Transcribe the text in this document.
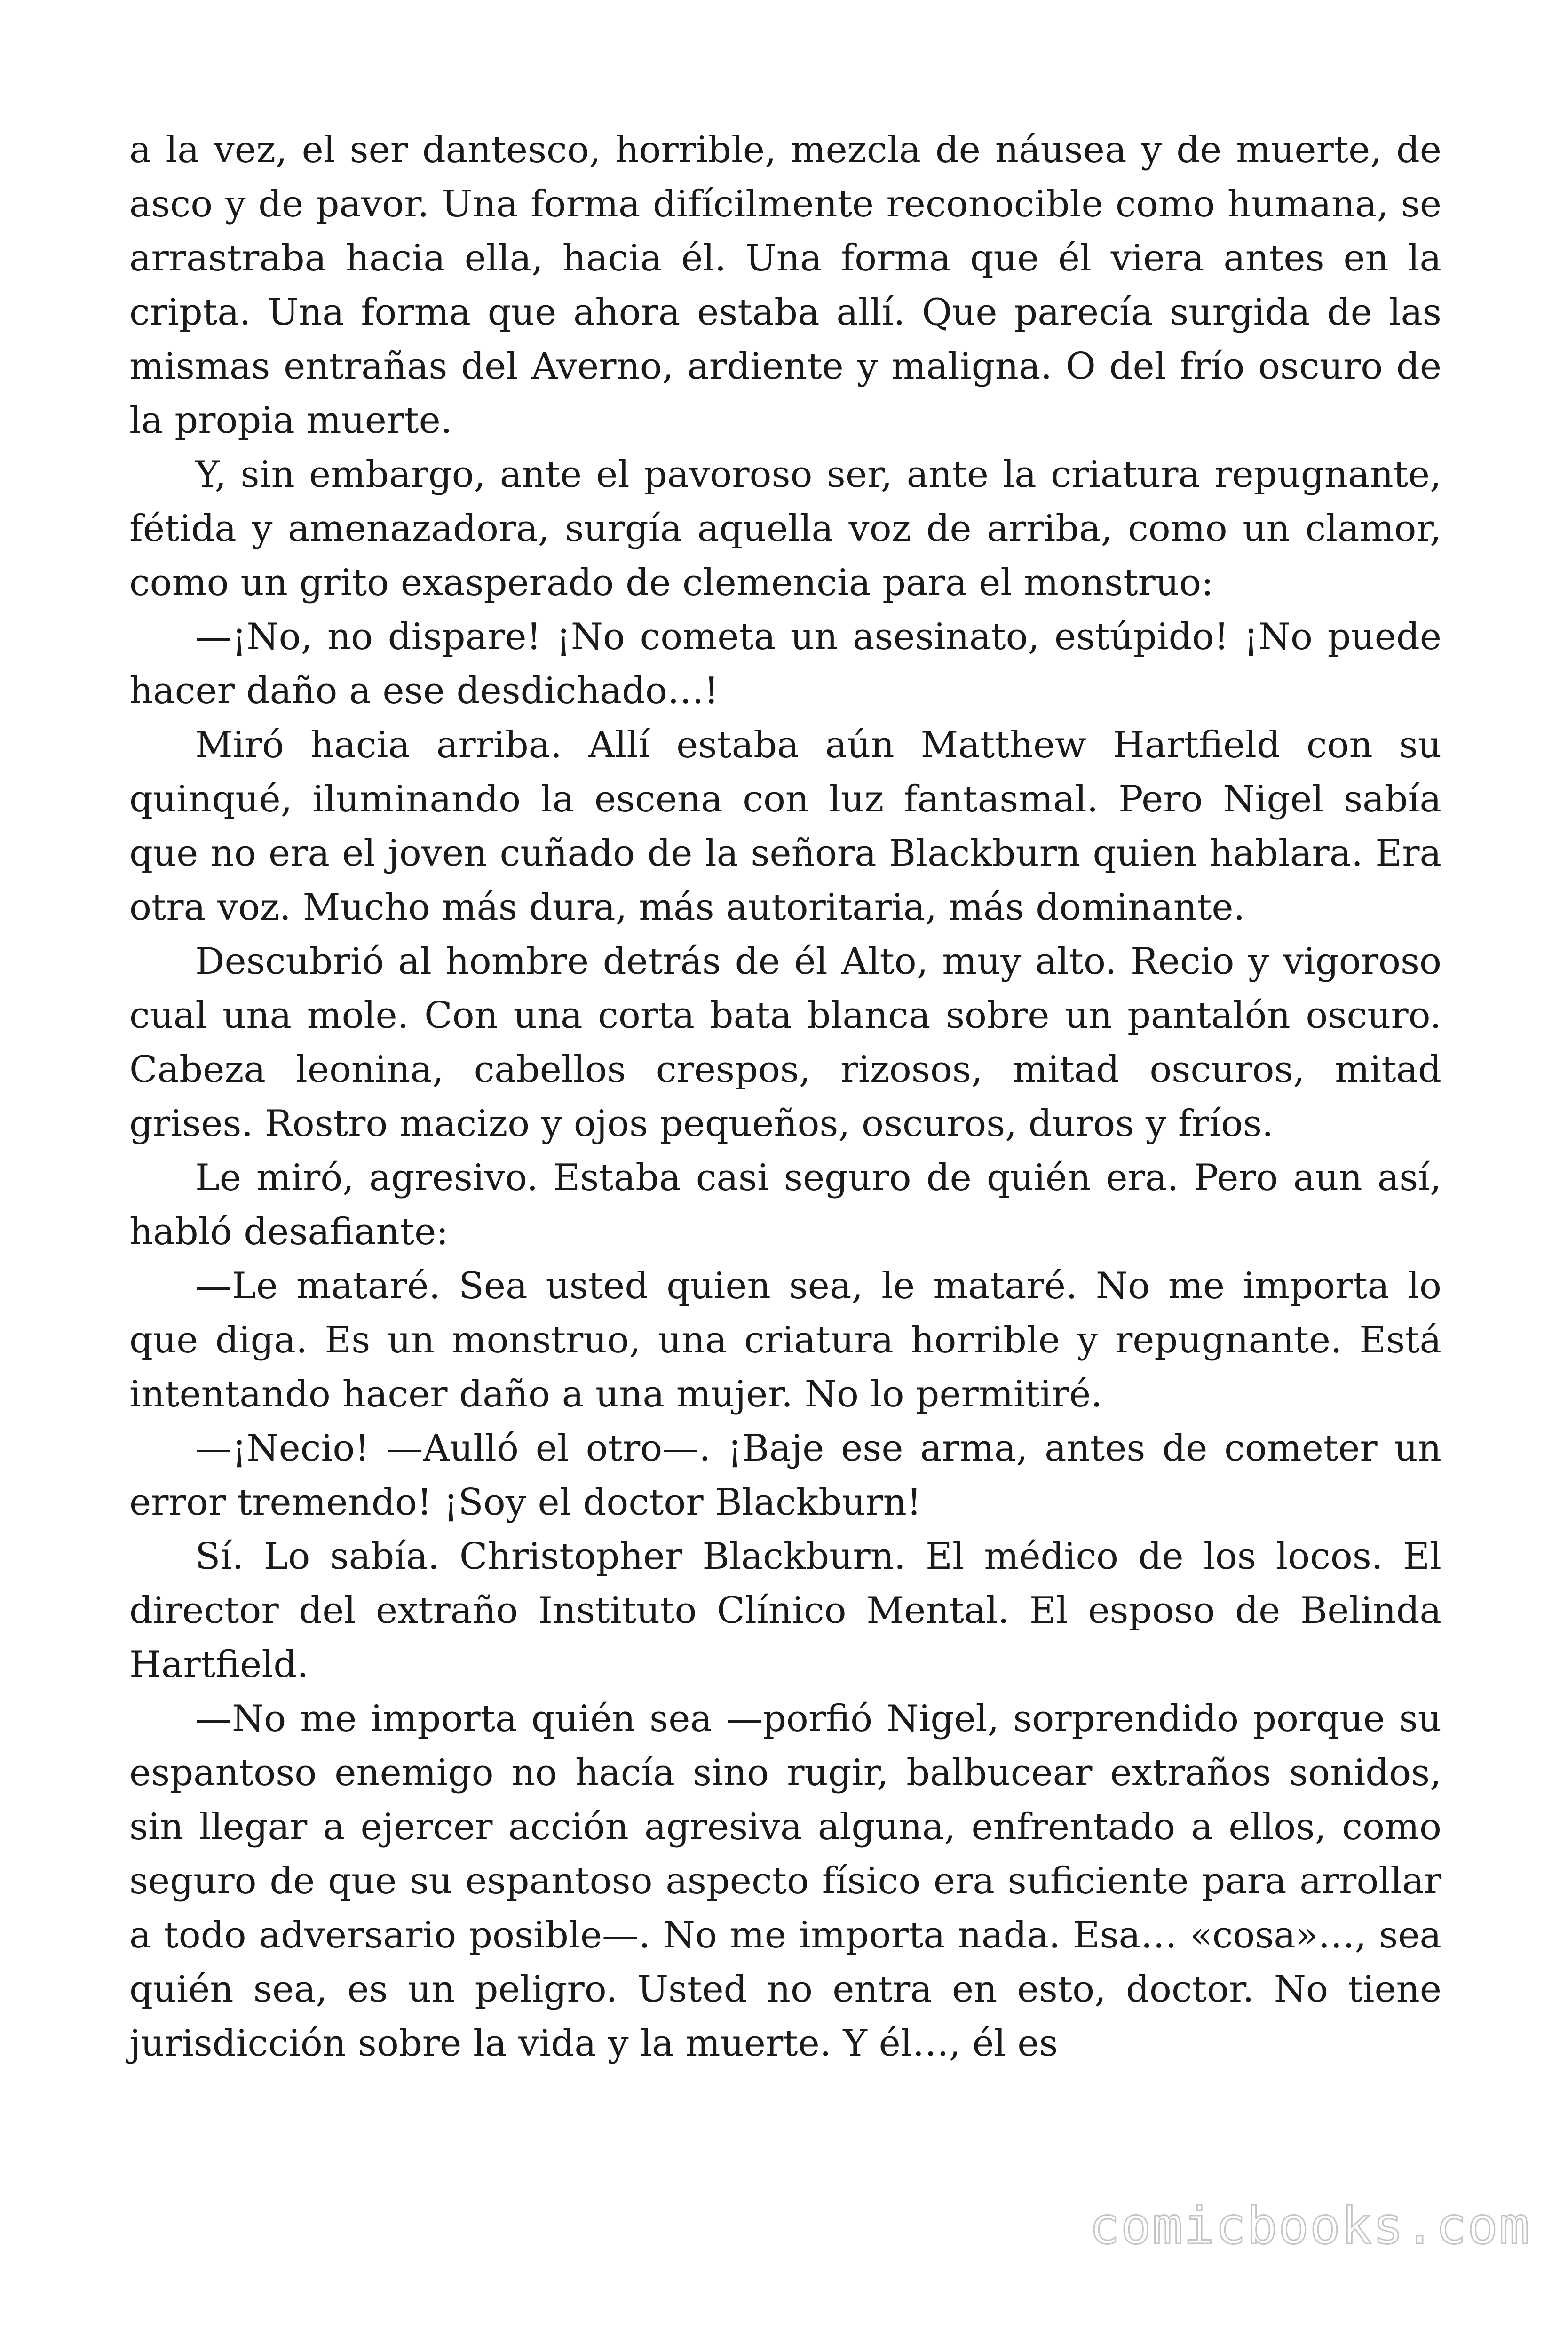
a la vez, el ser dantesco, horrible, mezcla de náusea y de muerte, de asco y de pavor. Una forma difícilmente reconocible como humana, se arrastraba hacia ella, hacia él. Una forma que él viera antes en la cripta. Una forma que ahora estaba allí. Que parecía surgida de las mismas entrañas del Averno, ardiente y maligna. O del frío oscuro de la propia muerte.

Y, sin embargo, ante el pavoroso ser, ante la criatura repugnante, fétida y amenazadora, surgía aquella voz de arriba, como un clamor, como un grito exasperado de clemencia para el monstruo:

—¡No, no dispare! ¡No cometa un asesinato, estúpido! ¡No puede hacer daño a ese desdichado…!

Miró hacia arriba. Allí estaba aún Matthew Hartfield con su quinqué, iluminando la escena con luz fantasmal. Pero Nigel sabía que no era el joven cuñado de la señora Blackburn quien hablara. Era otra voz. Mucho más dura, más autoritaria, más dominante.

Descubrió al hombre detrás de él Alto, muy alto. Recio y vigoroso cual una mole. Con una corta bata blanca sobre un pantalón oscuro. Cabeza leonina, cabellos crespos, rizosos, mitad oscuros, mitad grises. Rostro macizo y ojos pequeños, oscuros, duros y fríos.

Le miró, agresivo. Estaba casi seguro de quién era. Pero aun así, habló desafiante:

—Le mataré. Sea usted quien sea, le mataré. No me importa lo que diga. Es un monstruo, una criatura horrible y repugnante. Está intentando hacer daño a una mujer. No lo permitiré.

—¡Necio! —Aulló el otro—. ¡Baje ese arma, antes de cometer un error tremendo! ¡Soy el doctor Blackburn!

Sí. Lo sabía. Christopher Blackburn. El médico de los locos. El director del extraño Instituto Clínico Mental. El esposo de Belinda Hartfield.

—No me importa quién sea —porfió Nigel, sorprendido porque su espantoso enemigo no hacía sino rugir, balbucear extraños sonidos, sin llegar a ejercer acción agresiva alguna, enfrentado a ellos, como seguro de que su espantoso aspecto físico era suficiente para arrollar a todo adversario posible—. No me importa nada. Esa… «cosa»…, sea quién sea, es un peligro. Usted no entra en esto, doctor. No tiene jurisdicción sobre la vida y la muerte. Y él…, él es

comicbooks.com
